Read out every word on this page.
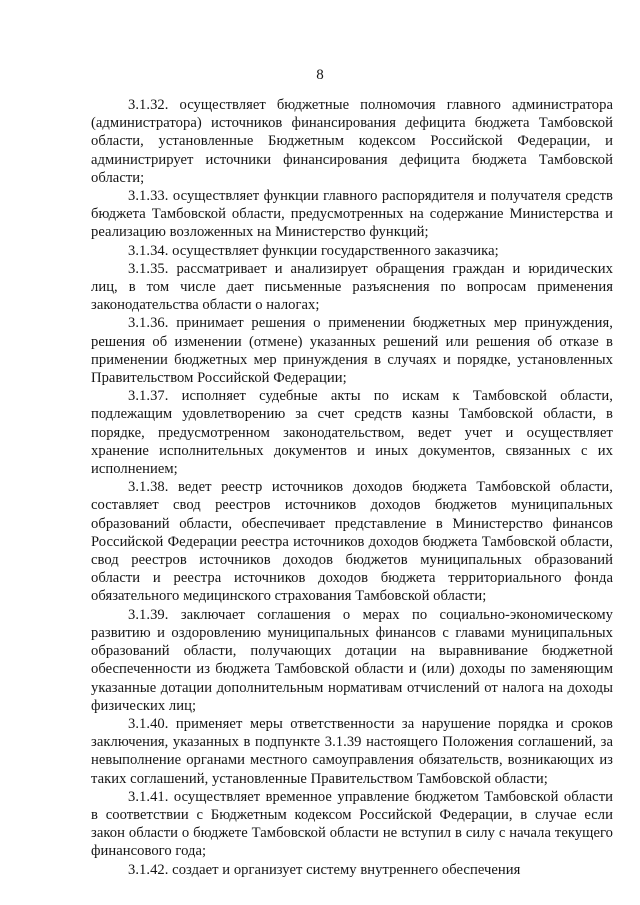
8

3.1.32. осуществляет бюджетные полномочия главного администратора (администратора) источников финансирования дефицита бюджета Тамбовской области, установленные Бюджетным кодексом Российской Федерации, и администрирует источники финансирования дефицита бюджета Тамбовской области;

3.1.33. осуществляет функции главного распорядителя и получателя средств бюджета Тамбовской области, предусмотренных на содержание Министерства и реализацию возложенных на Министерство функций;

3.1.34. осуществляет функции государственного заказчика;

3.1.35. рассматривает и анализирует обращения граждан и юридических лиц, в том числе дает письменные разъяснения по вопросам применения законодательства области о налогах;

3.1.36. принимает решения о применении бюджетных мер принуждения, решения об изменении (отмене) указанных решений или решения об отказе в применении бюджетных мер принуждения в случаях и порядке, установленных Правительством Российской Федерации;

3.1.37. исполняет судебные акты по искам к Тамбовской области, подлежащим удовлетворению за счет средств казны Тамбовской области, в порядке, предусмотренном законодательством, ведет учет и осуществляет хранение исполнительных документов и иных документов, связанных с их исполнением;

3.1.38. ведет реестр источников доходов бюджета Тамбовской области, составляет свод реестров источников доходов бюджетов муниципальных образований области, обеспечивает представление в Министерство финансов Российской Федерации реестра источников доходов бюджета Тамбовской области, свод реестров источников доходов бюджетов муниципальных образований области и реестра источников доходов бюджета территориального фонда обязательного медицинского страхования Тамбовской области;

3.1.39. заключает соглашения о мерах по социально-экономическому развитию и оздоровлению муниципальных финансов с главами муниципальных образований области, получающих дотации на выравнивание бюджетной обеспеченности из бюджета Тамбовской области и (или) доходы по заменяющим указанные дотации дополнительным нормативам отчислений от налога на доходы физических лиц;

3.1.40. применяет меры ответственности за нарушение порядка и сроков заключения, указанных в подпункте 3.1.39 настоящего Положения соглашений, за невыполнение органами местного самоуправления обязательств, возникающих из таких соглашений, установленные Правительством Тамбовской области;

3.1.41. осуществляет временное управление бюджетом Тамбовской области в соответствии с Бюджетным кодексом Российской Федерации, в случае если закон области о бюджете Тамбовской области не вступил в силу с начала текущего финансового года;

3.1.42. создает и организует систему внутреннего обеспечения
